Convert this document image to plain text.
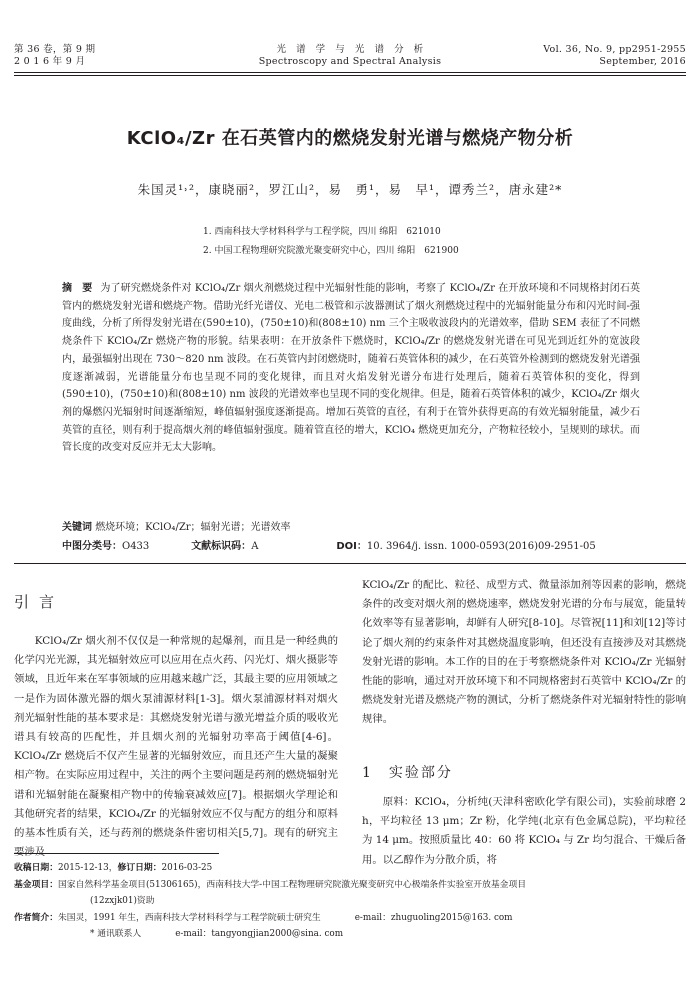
第 36 卷，第 9 期
2 0 1 6 年 9 月
光　谱　学　与　光　谱　分　析
Spectroscopy and Spectral Analysis
Vol. 36, No. 9, pp2951-2955
September, 2016
KClO₄/Zr 在石英管内的燃烧发射光谱与燃烧产物分析
朱国灵¹˒²，康晓丽²，罗江山²，易　勇¹，易　早¹，谭秀兰²，唐永建²*
1. 西南科技大学材料科学与工程学院，四川 绵阳　621010
2. 中国工程物理研究院激光聚变研究中心，四川 绵阳　621900
摘　要 为了研究燃烧条件对 KClO₄/Zr 烟火剂燃烧过程中光辐射性能的影响，考察了 KClO₄/Zr 在开放环境和不同规格封闭石英管内的燃烧发射光谱和燃烧产物。借助光纤光谱仪、光电二极管和示波器测试了烟火剂燃烧过程中的光辐射能量分布和闪光时间-强度曲线，分析了所得发射光谱在(590±10)，(750±10)和(808±10) nm 三个主吸收波段内的光谱效率，借助 SEM 表征了不同燃烧条件下 KClO₄/Zr 燃烧产物的形貌。结果表明：在开放条件下燃烧时，KClO₄/Zr 的燃烧发射光谱在可见光到近红外的宽波段内，最强辐射出现在 730～820 nm 波段。在石英管内封闭燃烧时，随着石英管体积的减少，在石英管外检测到的燃烧发射光谱强度逐渐减弱，光谱能量分布也呈现不同的变化规律，而且对火焰发射光谱分布进行处理后，随着石英管体积的变化，得到(590±10)，(750±10)和(808±10) nm 波段的光谱效率也呈现不同的变化规律。但是，随着石英管体积的减少，KClO₄/Zr 烟火剂的爆燃闪光辐射时间逐渐缩短，峰值辐射强度逐渐提高。增加石英管的直径，有利于在管外获得更高的有效光辐射能量，减少石英管的直径，则有利于提高烟火剂的峰值辐射强度。随着管直径的增大，KClO₄ 燃烧更加充分，产物粒径较小，呈规则的球状。而管长度的改变对反应并无太大影响。
关键词 燃烧环境；KClO₄/Zr；辐射光谱；光谱效率
中图分类号：O433	文献标识码：A	DOI：10. 3964/j. issn. 1000-0593(2016)09-2951-05
引言

KClO₄/Zr 烟火剂不仅仅是一种常规的起爆剂，而且是一种经典的化学闪光光源，其光辐射效应可以应用在点火药、闪光灯、烟火摄影等领域，且近年来在军事领域的应用越来越广泛，其最主要的应用领域之一是作为固体激光器的烟火泵浦源材料[1-3]。烟火泵浦源材料对烟火剂光辐射性能的基本要求是：其燃烧发射光谱与激光增益介质的吸收光谱具有较高的匹配性，并且烟火剂的光辐射功率高于阈值[4-6]。KClO₄/Zr 燃烧后不仅产生显著的光辐射效应，而且还产生大量的凝聚相产物。在实际应用过程中，关注的两个主要问题是药剂的燃烧辐射光谱和光辐射能在凝聚相产物中的传输衰减效应[7]。根据烟火学理论和其他研究者的结果，KClO₄/Zr 的光辐射效应不仅与配方的组分和原料的基本性质有关，还与药剂的燃烧条件密切相关[5,7]。现有的研究主要涉及

KClO₄/Zr 的配比、粒径、成型方式、微量添加剂等因素的影响，燃烧条件的改变对烟火剂的燃烧速率，燃烧发射光谱的分布与展宽，能量转化效率等有显著影响，却鲜有人研究[8-10]。尽管祝[11]和刘[12]等讨论了烟火剂的约束条件对其燃烧温度影响，但还没有直接涉及对其燃烧发射光谱的影响。本工作的目的在于考察燃烧条件对 KClO₄/Zr 光辐射性能的影响，通过对开放环境下和不同规格密封石英管中 KClO₄/Zr 的燃烧发射光谱及燃烧产物的测试，分析了燃烧条件对光辐射特性的影响规律。

1　实验部分

原料：KClO₄，分析纯(天津科密欧化学有限公司)，实验前球磨 2 h，平均粒径 13 μm；Zr 粉，化学纯(北京有色金属总院)，平均粒径为 14 μm。按照质量比 40：60 将 KClO₄ 与 Zr 均匀混合、干燥后备用。以乙醇作为分散介质，将

收稿日期：2015-12-13，修订日期：2016-03-25
基金项目：国家自然科学基金项目(51306165)，西南科技大学-中国工程物理研究院激光聚变研究中心极端条件实验室开放基金项目
(12zxjk01)资助
作者简介：朱国灵，1991 年生，西南科技大学材料科学与工程学院硕士研究生	e-mail：zhuguoling2015@163. com
* 通讯联系人	e-mail：tangyongjian2000@sina. com
